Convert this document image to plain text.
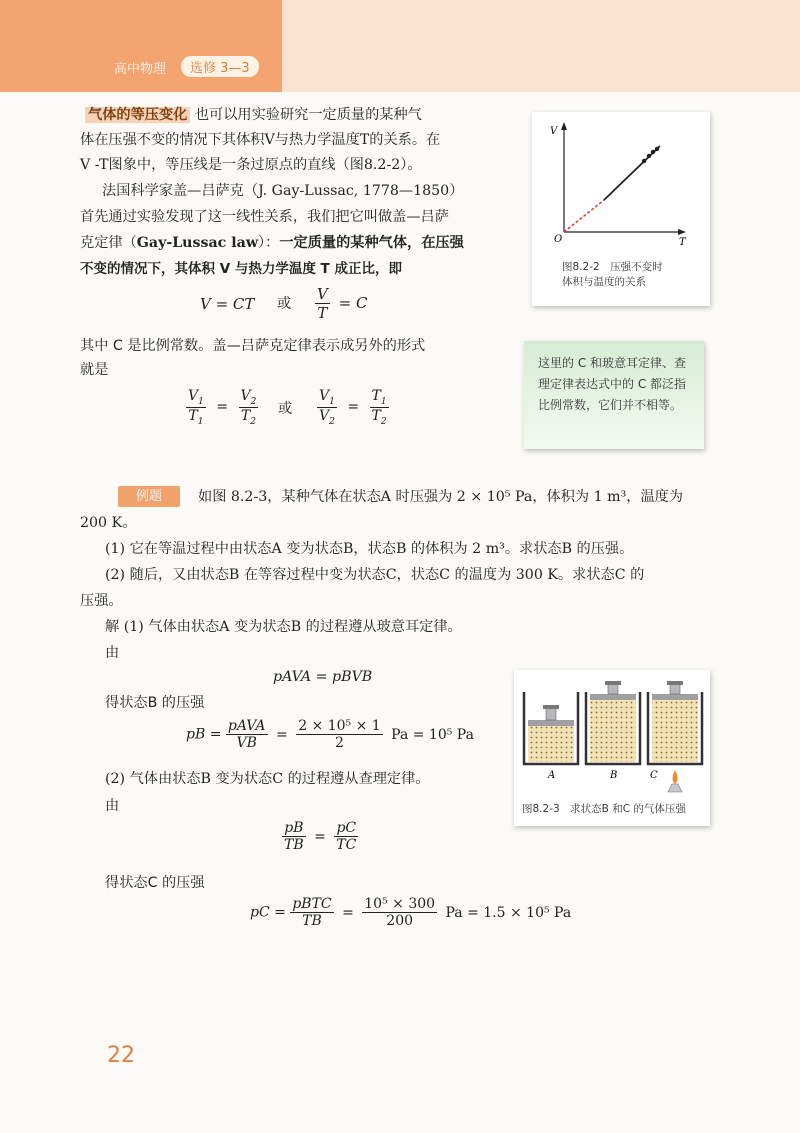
高中物理	选修 3—3
气体的等压变化 也可以用实验研究一定质量的某种气
体在压强不变的情况下其体积V与热力学温度T的关系。在
V -T图象中，等压线是一条过原点的直线（图8.2-2）。
法国科学家盖—吕萨克（J. Gay-Lussac, 1778—1850）
首先通过实验发现了这一线性关系，我们把它叫做盖—吕萨
克定律（Gay-Lussac law）：一定质量的某种气体，在压强
不变的情况下，其体积 V 与热力学温度 T 成正比，即
V = CT 或 $\frac{V}{T} = C$
其中 C 是比例常数。盖—吕萨克定律表示成另外的形式
就是
$\frac{V_1}{T_1} = \frac{V_2}{T_2}$ 或 $\frac{V_1}{V_2} = \frac{T_1}{T_2}$
V
T
O
图8.2-2　压强不变时
体积与温度的关系
这里的 C 和玻意耳定律、查理定律表达式中的 C 都泛指比例常数，它们并不相等。
例题	如图 8.2-3，某种气体在状态A 时压强为 2 × 10⁵ Pa，体积为 1 m³，温度为
200 K。
(1) 它在等温过程中由状态A 变为状态B，状态B 的体积为 2 m³。求状态B 的压强。
(2) 随后，又由状态B 在等容过程中变为状态C，状态C 的温度为 300 K。求状态C 的
压强。
解 (1) 气体由状态A 变为状态B 的过程遵从玻意耳定律。
由
pAVA = pBVB
得状态B 的压强
pB = $\frac{\text{pAVA}}{VB} = \frac{\text{2 × 10⁵ × 1}}{2}$ Pa = 10⁵ Pa
(2) 气体由状态B 变为状态C 的过程遵从查理定律。
由
$\frac{pB}{TB} = \frac{pC}{TC}$
得状态C 的压强
pC = $\frac{\text{pBTC}}{TB} = \frac{\text{10⁵ × 300}}{200}$ Pa = 1.5 × 10⁵ Pa
A	B	C
图8.2-3　求状态B 和C 的气体压强
22
